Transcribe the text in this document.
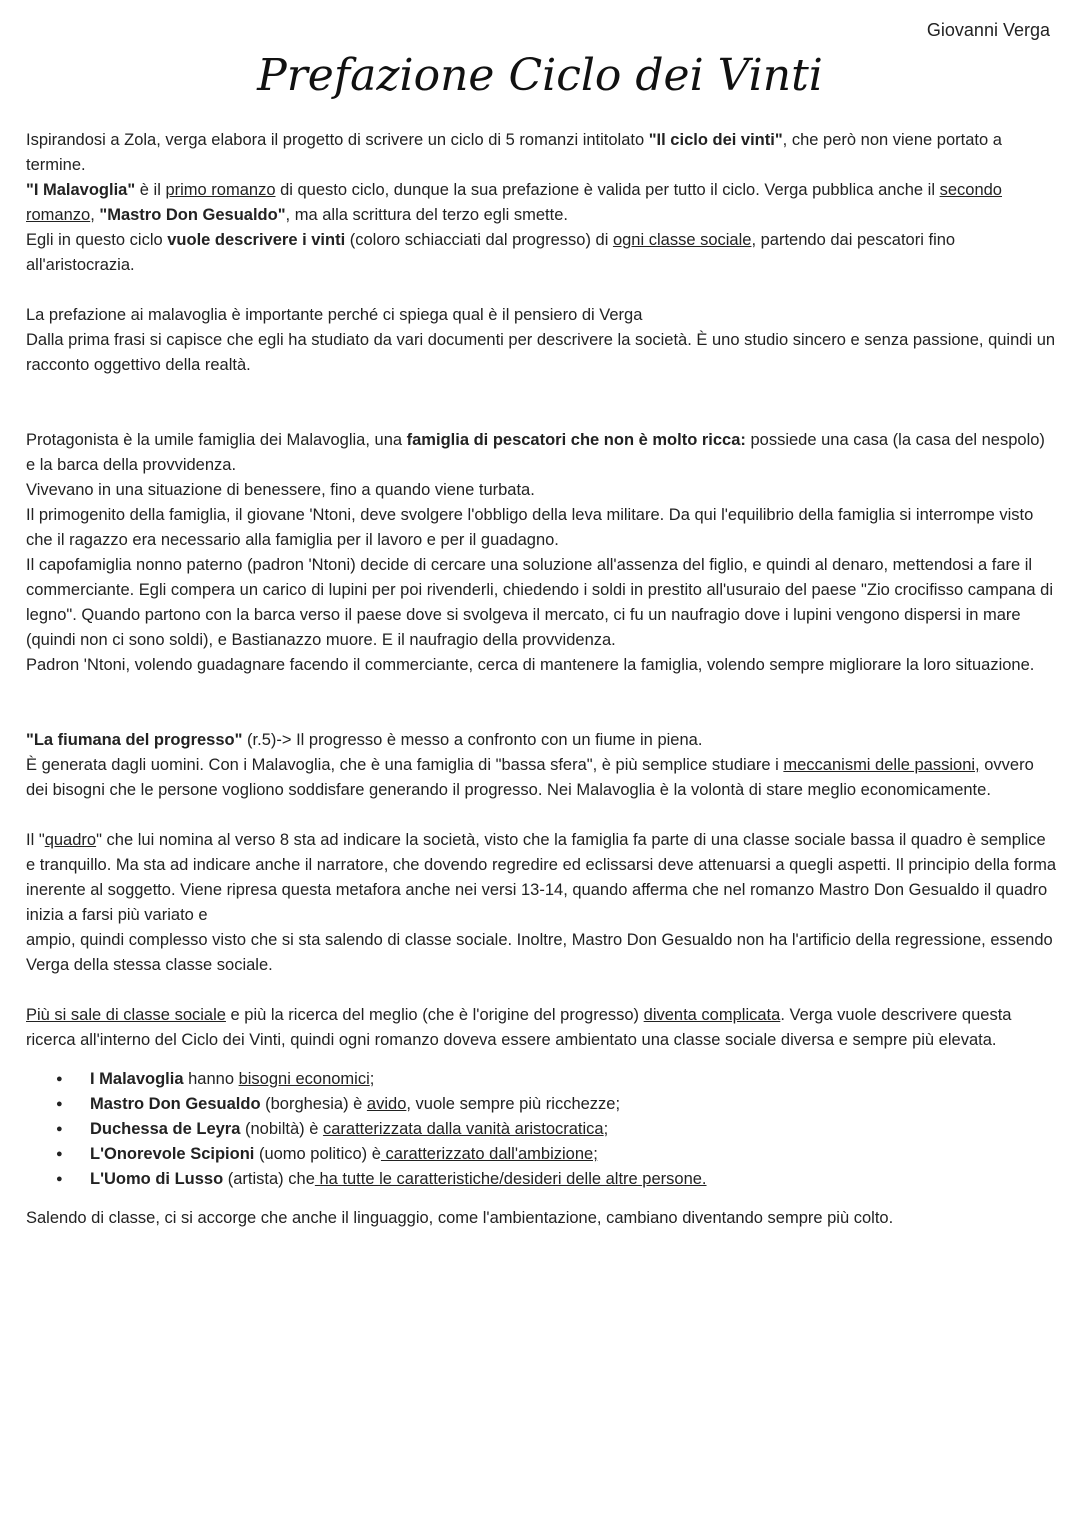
Giovanni Verga
Prefazione Ciclo dei Vinti

Ispirandosi a Zola, verga elabora il progetto di scrivere un ciclo di 5 romanzi intitolato "Il ciclo dei vinti", che però non viene portato a termine.

"I Malavoglia" è il primo romanzo di questo ciclo, dunque la sua prefazione è valida per tutto il ciclo. Verga pubblica anche il secondo romanzo, "Mastro Don Gesualdo", ma alla scrittura del terzo egli smette.

Egli in questo ciclo vuole descrivere i vinti (coloro schiacciati dal progresso) di ogni classe sociale, partendo dai pescatori fino all'aristocrazia.

La prefazione ai malavoglia è importante perché ci spiega qual è il pensiero di Verga

Dalla prima frasi si capisce che egli ha studiato da vari documenti per descrivere la società. È uno studio sincero e senza passione, quindi un racconto oggettivo della realtà.

Protagonista è la umile famiglia dei Malavoglia, una famiglia di pescatori che non è molto ricca: possiede una casa (la casa del nespolo) e la barca della provvidenza.

Vivevano in una situazione di benessere, fino a quando viene turbata.

Il primogenito della famiglia, il giovane 'Ntoni, deve svolgere l'obbligo della leva militare. Da qui l'equilibrio della famiglia si interrompe visto che il ragazzo era necessario alla famiglia per il lavoro e per il guadagno.

Il capofamiglia nonno paterno (padron 'Ntoni) decide di cercare una soluzione all'assenza del figlio, e quindi al denaro, mettendosi a fare il commerciante. Egli compera un carico di lupini per poi rivenderli, chiedendo i soldi in prestito all'usuraio del paese "Zio crocifisso campana di legno". Quando partono con la barca verso il paese dove si svolgeva il mercato, ci fu un naufragio dove i lupini vengono dispersi in mare (quindi non ci sono soldi), e Bastianazzo muore. E il naufragio della provvidenza.

Padron 'Ntoni, volendo guadagnare facendo il commerciante, cerca di mantenere la famiglia, volendo sempre migliorare la loro situazione.

"La fiumana del progresso" (r.5)-> Il progresso è messo a confronto con un fiume in piena.

È generata dagli uomini. Con i Malavoglia, che è una famiglia di "bassa sfera", è più semplice studiare i meccanismi delle passioni, ovvero dei bisogni che le persone vogliono soddisfare generando il progresso. Nei Malavoglia è la volontà di stare meglio economicamente.

Il "quadro" che lui nomina al verso 8 sta ad indicare la società, visto che la famiglia fa parte di una classe sociale bassa il quadro è semplice e tranquillo. Ma sta ad indicare anche il narratore, che dovendo regredire ed eclissarsi deve attenuarsi a quegli aspetti. Il principio della forma inerente al soggetto. Viene ripresa questa metafora anche nei versi 13-14, quando afferma che nel romanzo Mastro Don Gesualdo il quadro inizia a farsi più variato e

ampio, quindi complesso visto che si sta salendo di classe sociale. Inoltre, Mastro Don Gesualdo non ha l'artificio della regressione, essendo Verga della stessa classe sociale.

Più si sale di classe sociale e più la ricerca del meglio (che è l'origine del progresso) diventa complicata. Verga vuole descrivere questa ricerca all'interno del Ciclo dei Vinti, quindi ogni romanzo doveva essere ambientato una classe sociale diversa e sempre più elevata.

● I Malavoglia hanno bisogni economici;
● Mastro Don Gesualdo (borghesia) è avido, vuole sempre più ricchezze;
● Duchessa de Leyra (nobiltà) è caratterizzata dalla vanità aristocratica;
● L'Onorevole Scipioni (uomo politico) è caratterizzato dall'ambizione;
● L'Uomo di Lusso (artista) che ha tutte le caratteristiche/desideri delle altre persone.

Salendo di classe, ci si accorge che anche il linguaggio, come l'ambientazione, cambiano diventando sempre più colto.
